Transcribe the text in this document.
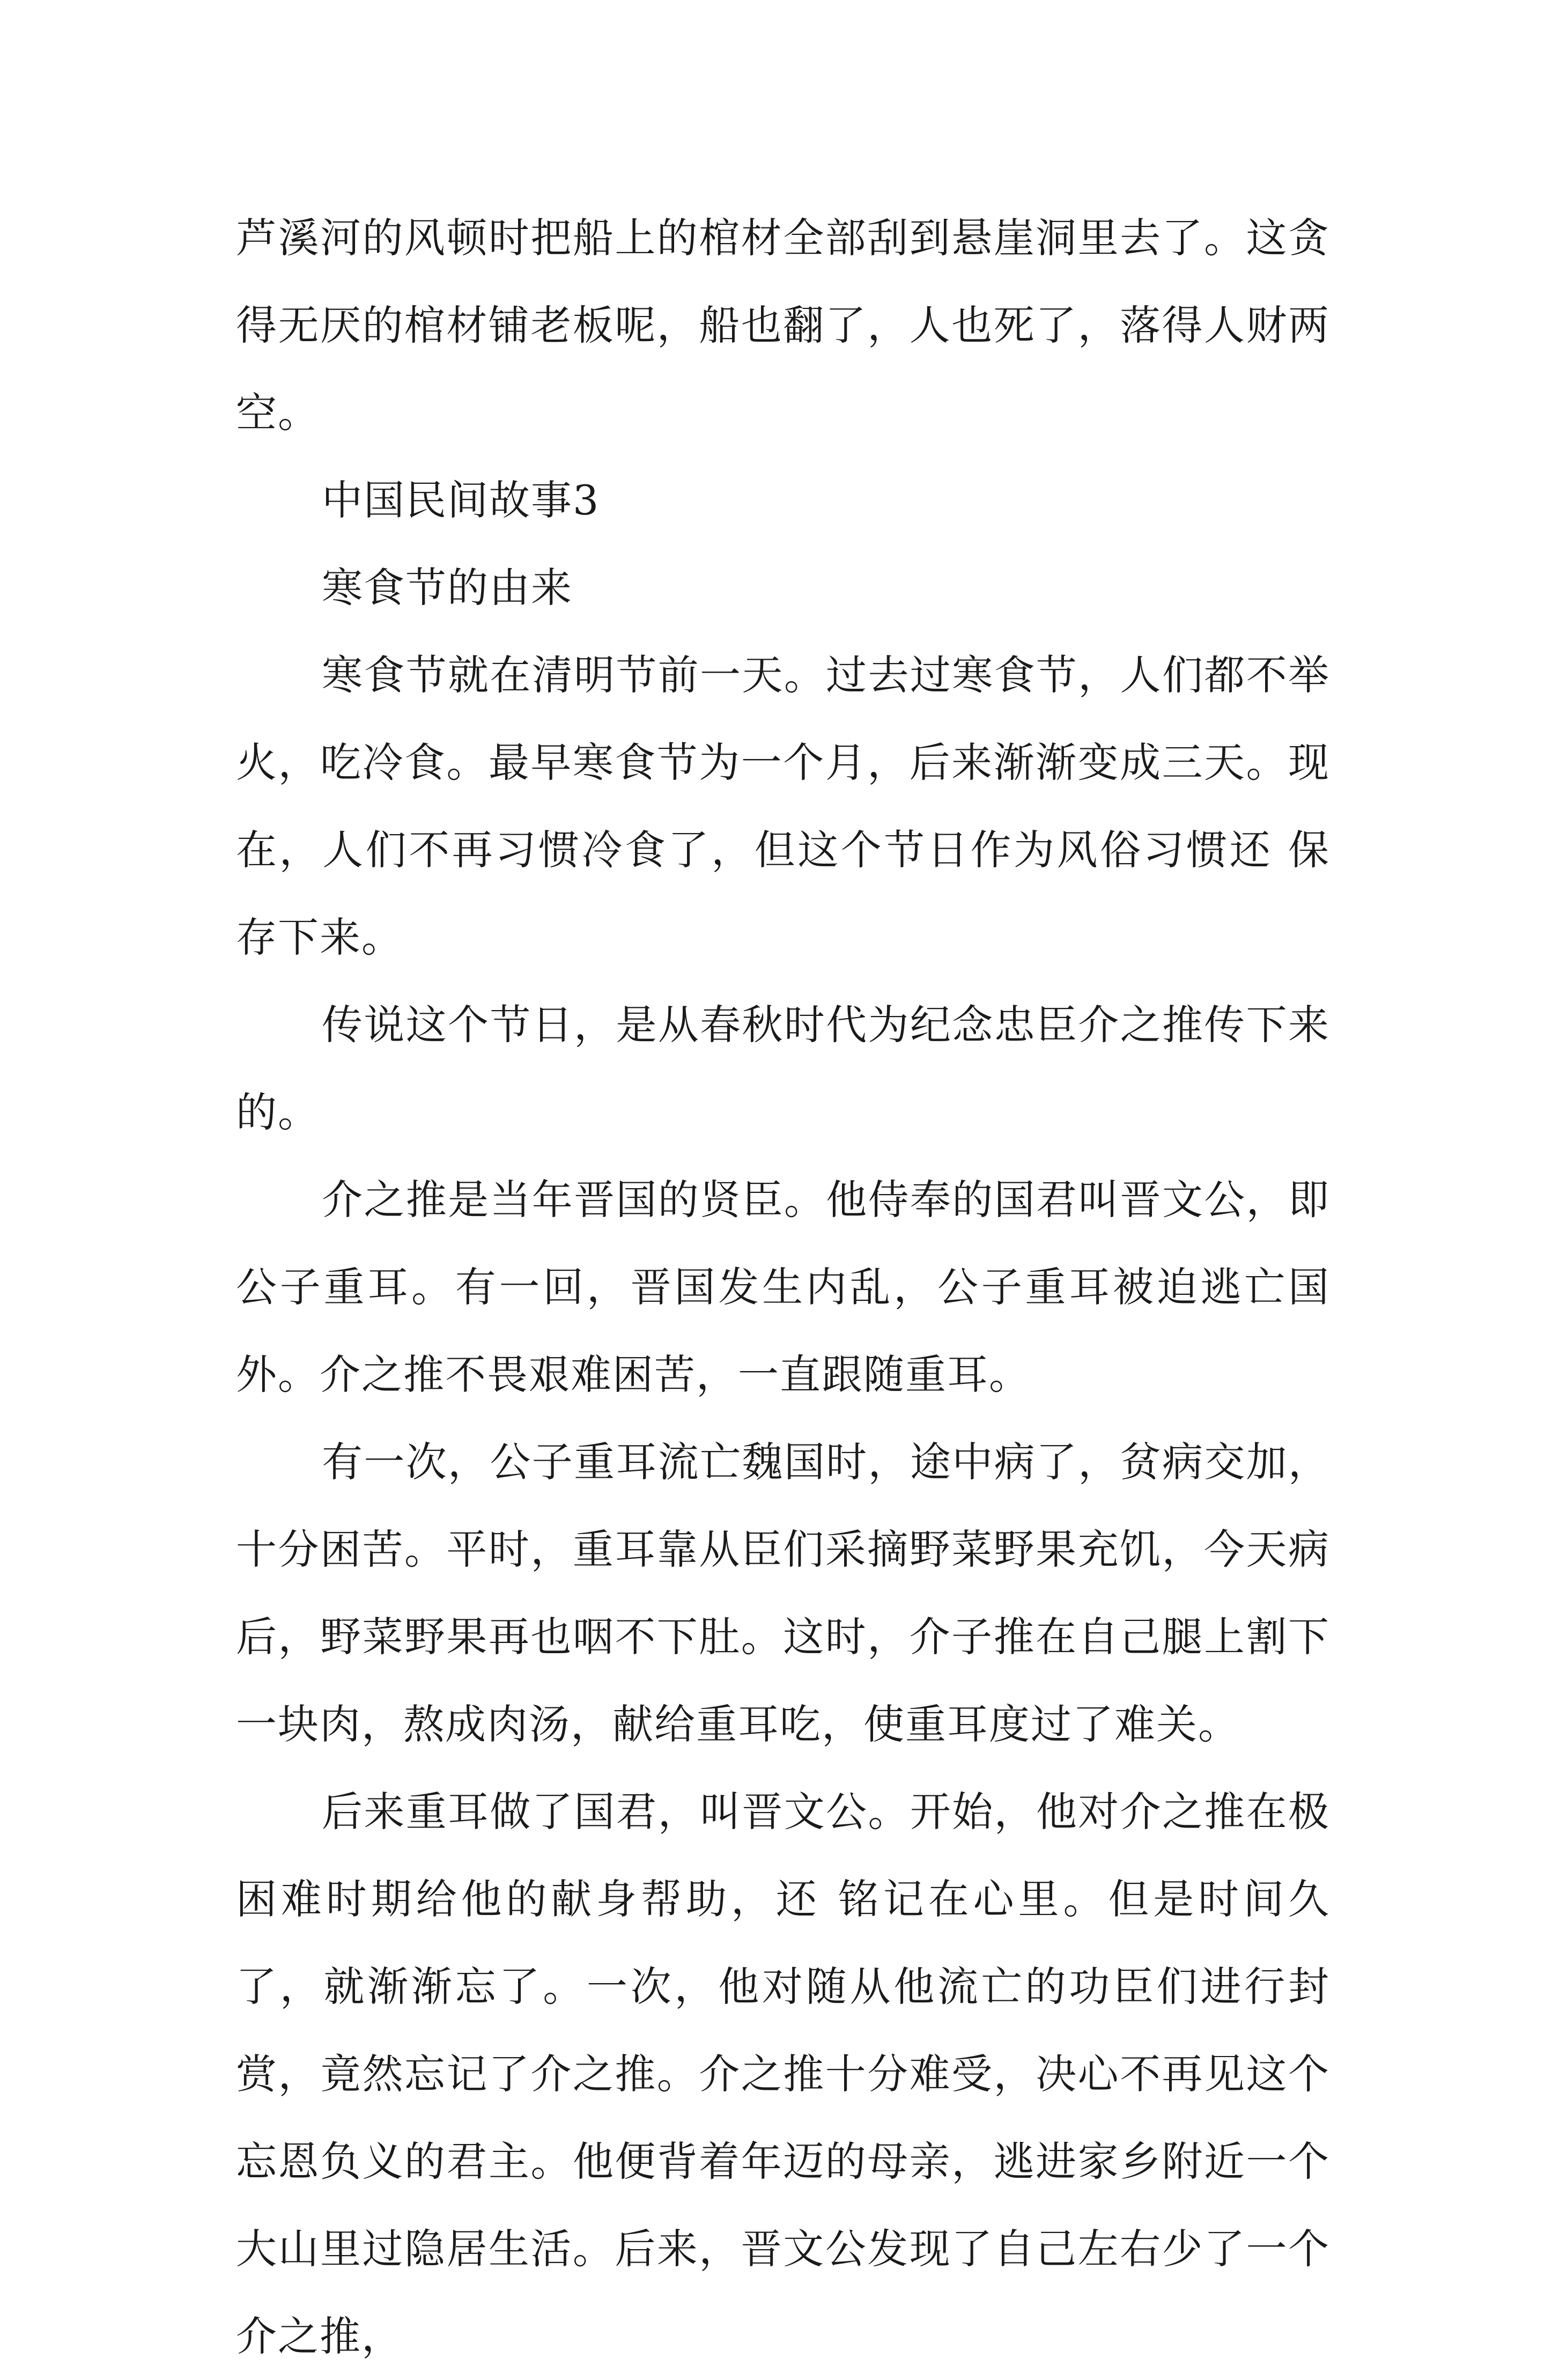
芦溪河的风顿时把船上的棺材全部刮到悬崖洞里去了。这贪得无厌的棺材铺老板呢，船也翻了，人也死了，落得人财两空。

中国民间故事3

寒食节的由来

寒食节就在清明节前一天。过去过寒食节，人们都不举火，吃冷食。最早寒食节为一个月，后来渐渐变成三天。现在，人们不再习惯冷食了，但这个节日作为风俗习惯还 保存下来。

传说这个节日，是从春秋时代为纪念忠臣介之推传下来的。

介之推是当年晋国的贤臣。他侍奉的国君叫晋文公，即公子重耳。有一回，晋国发生内乱，公子重耳被迫逃亡国外。介之推不畏艰难困苦，一直跟随重耳。

有一次，公子重耳流亡魏国时，途中病了，贫病交加，十分困苦。平时，重耳靠从臣们采摘野菜野果充饥，今天病后，野菜野果再也咽不下肚。这时，介子推在自己腿上割下一块肉，熬成肉汤，献给重耳吃，使重耳度过了难关。

后来重耳做了国君，叫晋文公。开始，他对介之推在极困难时期给他的献身帮助，还 铭记在心里。但是时间久了，就渐渐忘了。一次，他对随从他流亡的功臣们进行封赏，竟然忘记了介之推。介之推十分难受，决心不再见这个忘恩负义的君主。他便背着年迈的母亲，逃进家乡附近一个大山里过隐居生活。后来，晋文公发现了自己左右少了一个介之推，
